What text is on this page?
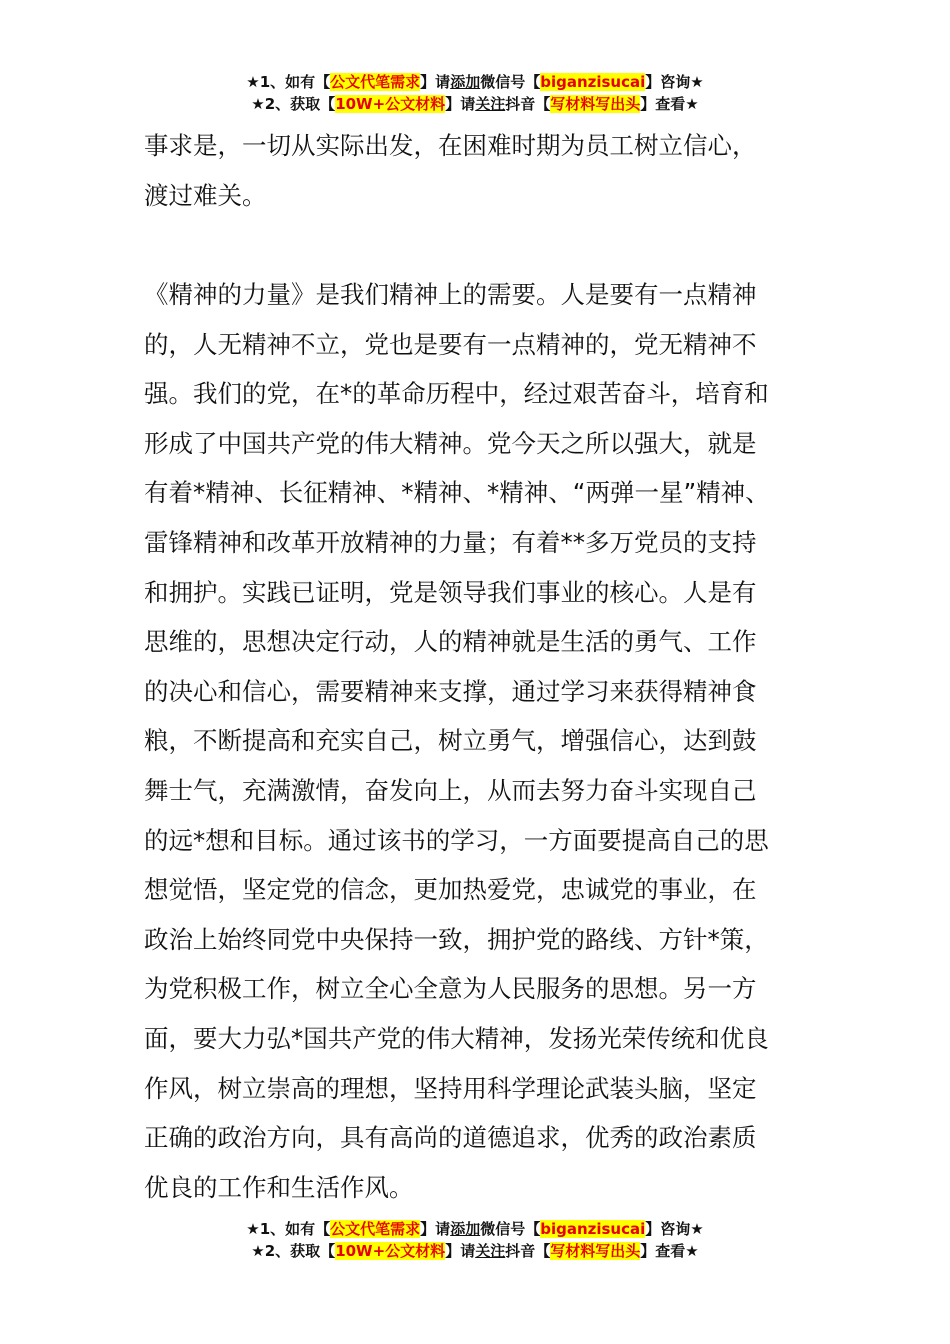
★1、如有【公文代笔需求】请添加微信号【biganzisucai】咨询★
★2、获取【10W+公文材料】请关注抖音【写材料写出头】查看★
事求是，一切从实际出发，在困难时期为员工树立信心，
渡过难关。
《精神的力量》是我们精神上的需要。人是要有一点精神
的，人无精神不立，党也是要有一点精神的，党无精神不
强。我们的党，在*的革命历程中，经过艰苦奋斗，培育和
形成了中国共产党的伟大精神。党今天之所以强大，就是
有着*精神、长征精神、*精神、*精神、“两弹一星”精神、
雷锋精神和改革开放精神的力量；有着**多万党员的支持
和拥护。实践已证明，党是领导我们事业的核心。人是有
思维的，思想决定行动，人的精神就是生活的勇气、工作
的决心和信心，需要精神来支撑，通过学习来获得精神食
粮，不断提高和充实自己，树立勇气，增强信心，达到鼓
舞士气，充满激情，奋发向上，从而去努力奋斗实现自己
的远*想和目标。通过该书的学习，一方面要提高自己的思
想觉悟，坚定党的信念，更加热爱党，忠诚党的事业，在
政治上始终同党中央保持一致，拥护党的路线、方针*策，
为党积极工作，树立全心全意为人民服务的思想。另一方
面，要大力弘*国共产党的伟大精神，发扬光荣传统和优良
作风，树立崇高的理想，坚持用科学理论武装头脑，坚定
正确的政治方向，具有高尚的道德追求，优秀的政治素质
优良的工作和生活作风。
★1、如有【公文代笔需求】请添加微信号【biganzisucai】咨询★
★2、获取【10W+公文材料】请关注抖音【写材料写出头】查看★
